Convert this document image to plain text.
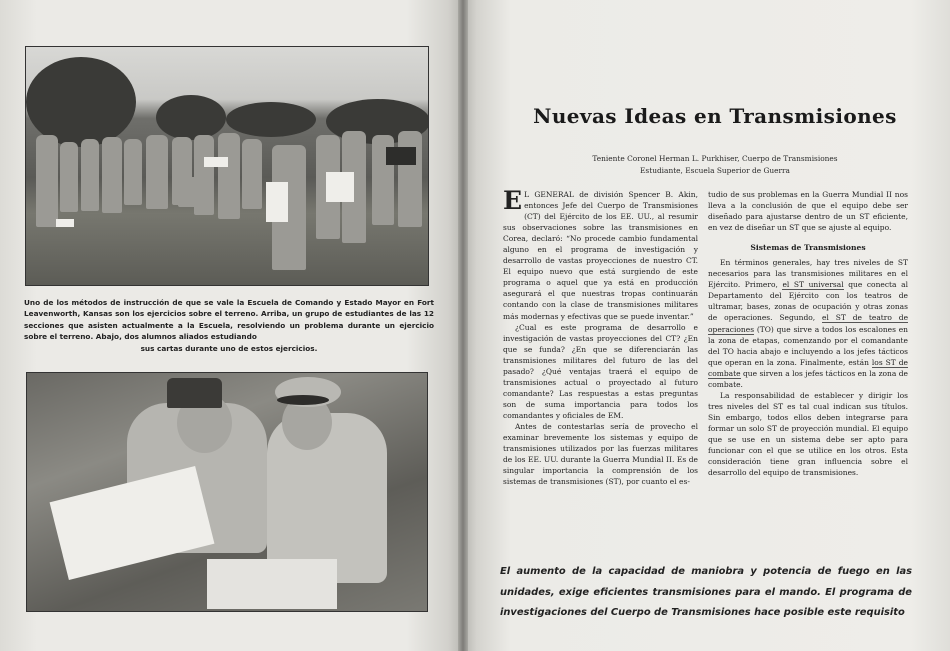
Uno de los métodos de instrucción de que se vale la Escuela de Comando y Estado Mayor en Fort Leavenworth, Kansas son los ejercicios sobre el terreno. Arriba, un grupo de estudiantes de las 12 secciones que asisten actualmente a la Escuela, resolviendo un problema durante un ejercicio sobre el terreno. Abajo, dos alumnos aliados estudiando
sus cartas durante uno de estos ejercicios.

Nuevas Ideas en Transmisiones
Teniente Coronel Herman L. Purkhiser, Cuerpo de Transmisiones
Estudiante, Escuela Superior de Guerra

E L GENERAL de división Spencer B. Akin, entonces Jefe del Cuerpo de Transmisiones (CT) del Ejército de los EE. UU., al resumir sus observaciones sobre las transmisiones en Corea, declaró: “No procede cambio fundamental alguno en el programa de investigación y desarrollo de vastas proyecciones de nuestro CT. El equipo nuevo que está surgiendo de este programa o aquel que ya está en producción asegurará el que nuestras tropas continuarán contando con la clase de transmisiones militares más modernas y efectivas que se puede inventar.”

¿Cual es este programa de desarrollo e investigación de vastas proyecciones del CT? ¿En que se funda? ¿En que se diferenciarán las transmisiones militares del futuro de las del pasado? ¿Qué ventajas traerá el equipo de transmisiones actual o proyectado al futuro comandante? Las respuestas a estas preguntas son de suma importancia para todos los comandantes y oficiales de EM.

Antes de contestarlas sería de provecho el examinar brevemente los sistemas y equipo de transmisiones utilizados por las fuerzas militares de los EE. UU. durante la Guerra Mundial II. Es de singular importancia la comprensión de los sistemas de transmisiones (ST), por cuanto el es-

tudio de sus problemas en la Guerra Mundial II nos lleva a la conclusión de que el equipo debe ser diseñado para ajustarse dentro de un ST eficiente, en vez de diseñar un ST que se ajuste al equipo.

Sistemas de Transmisiones

En términos generales, hay tres niveles de ST necesarios para las transmisiones militares en el Ejército. Primero, el ST universal que conecta al Departamento del Ejército con los teatros de ultramar, bases, zonas de ocupación y otras zonas de operaciones. Segundo, el ST de teatro de operaciones (TO) que sirve a todos los escalones en la zona de etapas, comenzando por el comandante del TO hacia abajo e incluyendo a los jefes tácticos que operan en la zona. Finalmente, están los ST de combate que sirven a los jefes tácticos en la zona de combate.

La responsabilidad de establecer y dirigir los tres niveles del ST es tal cual indican sus títulos. Sin embargo, todos ellos deben integrarse para formar un solo ST de proyección mundial. El equipo que se use en un sistema debe ser apto para funcionar con el que se utilice en los otros. Esta consideración tiene gran influencia sobre el desarrollo del equipo de transmisiones.

El aumento de la capacidad de maniobra y potencia de fuego en las unidades, exige eficientes transmisiones para el mando. El programa de investigaciones del Cuerpo de Transmisiones hace posible este requisito
